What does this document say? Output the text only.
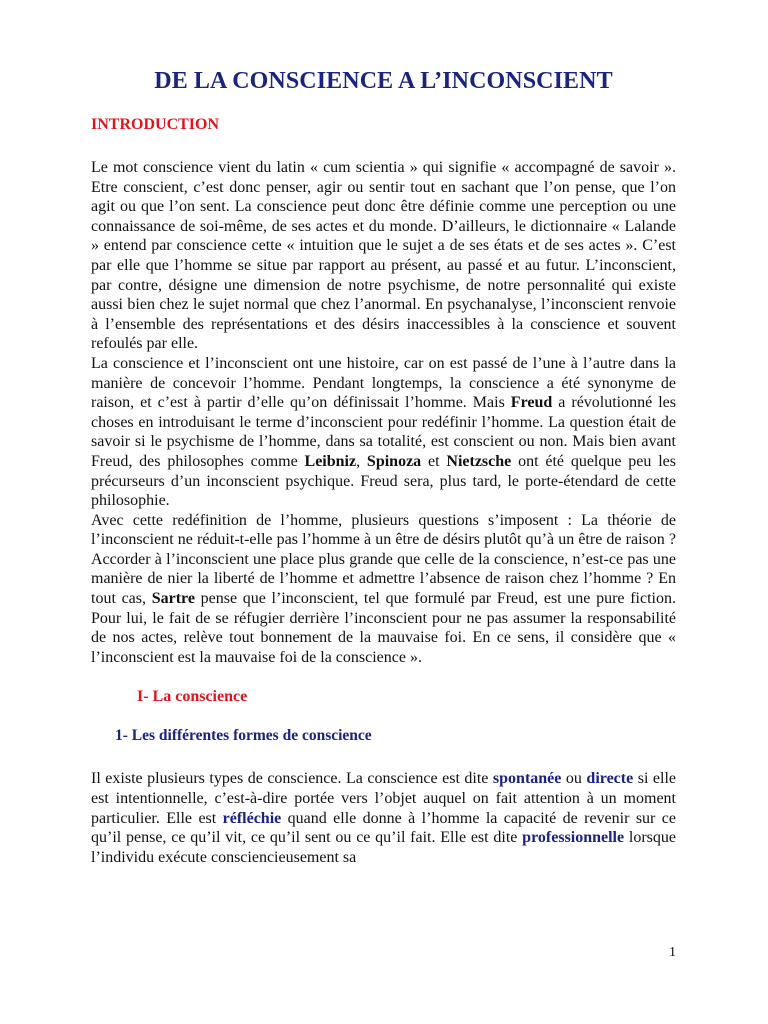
DE LA CONSCIENCE A L’INCONSCIENT
INTRODUCTION

Le mot conscience vient du latin « cum scientia » qui signifie « accompagné de savoir ». Etre conscient, c’est donc penser, agir ou sentir tout en sachant que l’on pense, que l’on agit ou que l’on sent. La conscience peut donc être définie comme une perception ou une connaissance de soi-même, de ses actes et du monde. D’ailleurs, le dictionnaire « Lalande » entend par conscience cette « intuition que le sujet a de ses états et de ses actes ». C’est par elle que l’homme se situe par rapport au présent, au passé et au futur. L’inconscient, par contre, désigne une dimension de notre psychisme, de notre personnalité qui existe aussi bien chez le sujet normal que chez l’anormal. En psychanalyse, l’inconscient renvoie à l’ensemble des représentations et des désirs inaccessibles à la conscience et souvent refoulés par elle.

La conscience et l’inconscient ont une histoire, car on est passé de l’une à l’autre dans la manière de concevoir l’homme. Pendant longtemps, la conscience a été synonyme de raison, et c’est à partir d’elle qu’on définissait l’homme. Mais Freud a révolutionné les choses en introduisant le terme d’inconscient pour redéfinir l’homme. La question était de savoir si le psychisme de l’homme, dans sa totalité, est conscient ou non. Mais bien avant Freud, des philosophes comme Leibniz, Spinoza et Nietzsche ont été quelque peu les précurseurs d’un inconscient psychique. Freud sera, plus tard, le porte-étendard de cette philosophie.

Avec cette redéfinition de l’homme, plusieurs questions s’imposent : La théorie de l’inconscient ne réduit-t-elle pas l’homme à un être de désirs plutôt qu’à un être de raison ? Accorder à l’inconscient une place plus grande que celle de la conscience, n’est-ce pas une manière de nier la liberté de l’homme et admettre l’absence de raison chez l’homme ? En tout cas, Sartre pense que l’inconscient, tel que formulé par Freud, est une pure fiction. Pour lui, le fait de se réfugier derrière l’inconscient pour ne pas assumer la responsabilité de nos actes, relève tout bonnement de la mauvaise foi. En ce sens, il considère que « l’inconscient est la mauvaise foi de la conscience ».

I- La conscience
1- Les différentes formes de conscience

Il existe plusieurs types de conscience. La conscience est dite spontanée ou directe si elle est intentionnelle, c’est-à-dire portée vers l’objet auquel on fait attention à un moment particulier. Elle est réfléchie quand elle donne à l’homme la capacité de revenir sur ce qu’il pense, ce qu’il vit, ce qu’il sent ou ce qu’il fait. Elle est dite professionnelle lorsque l’individu exécute consciencieusement sa

1
